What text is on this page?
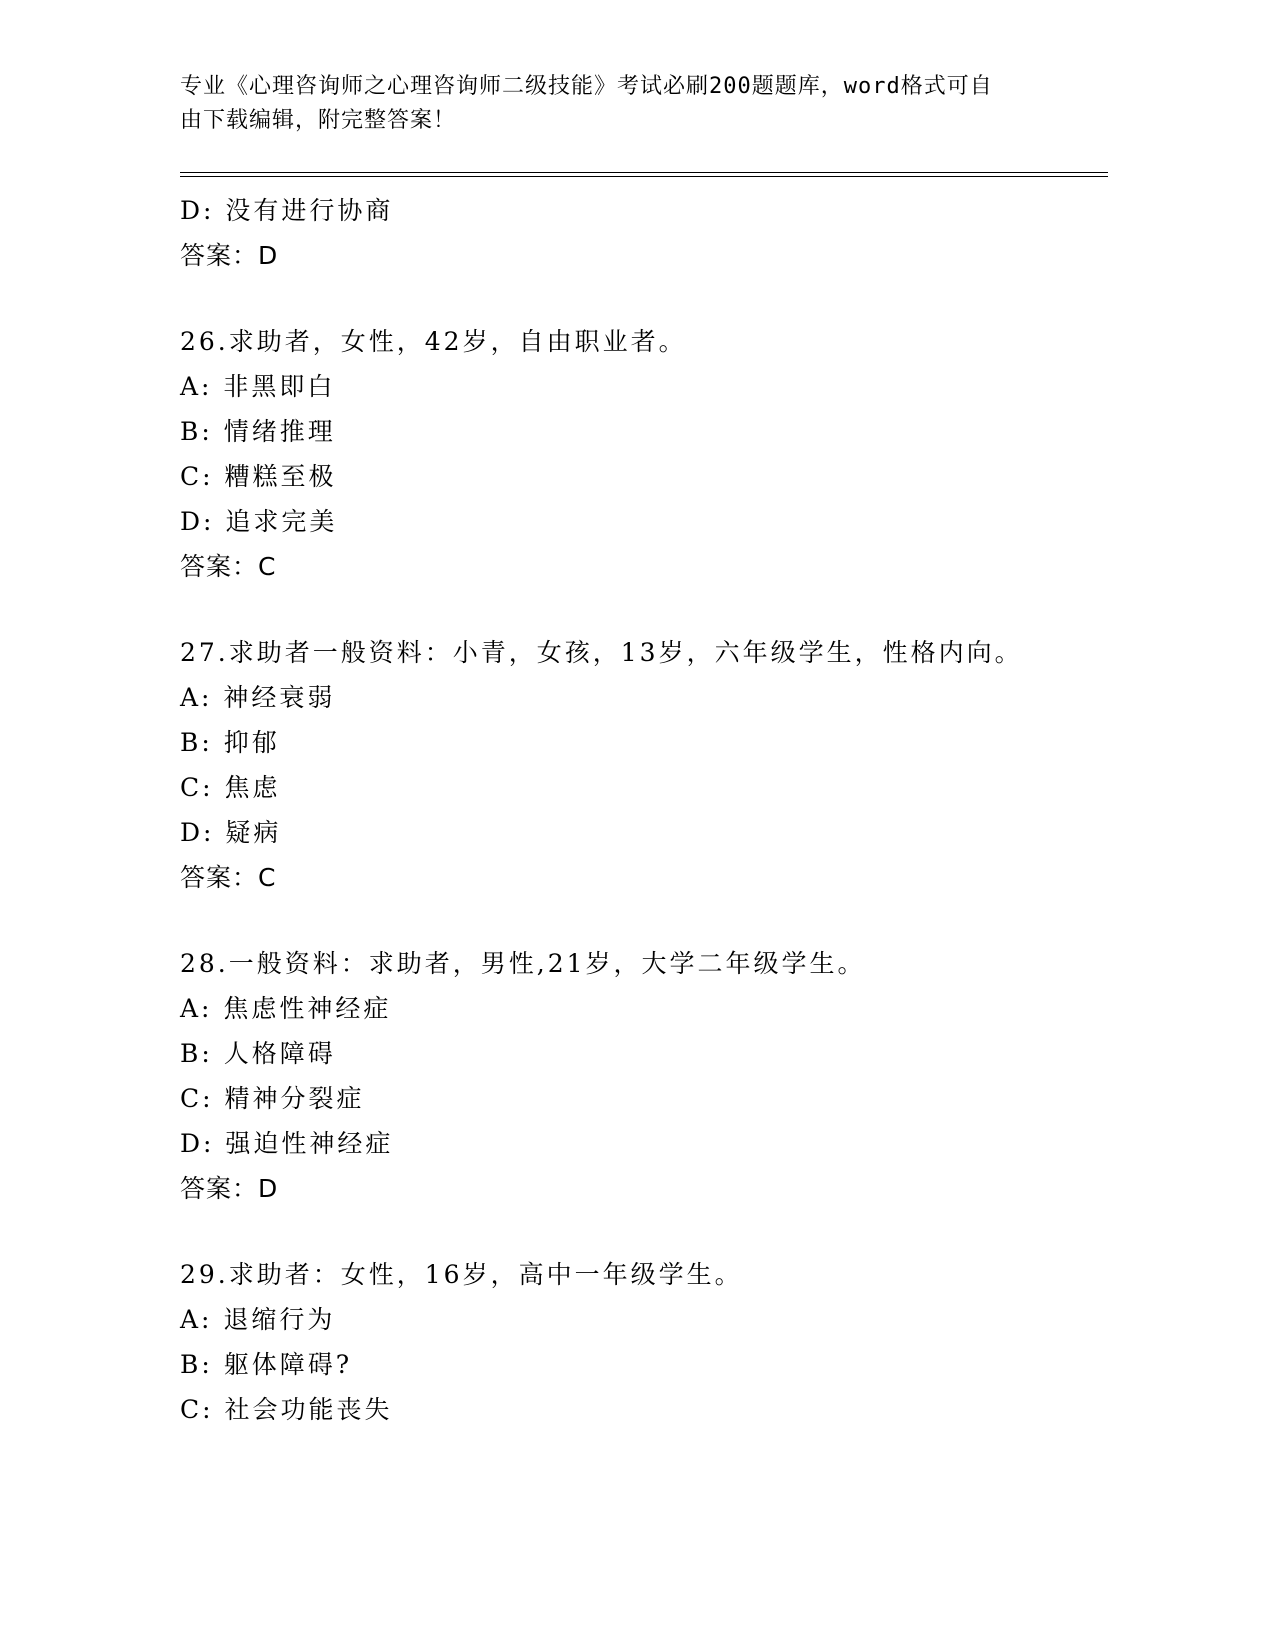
专业《心理咨询师之心理咨询师二级技能》考试必刷200题题库，word格式可自
由下载编辑，附完整答案！
D: 没有进行协商
答案：D
26.求助者，女性，42岁，自由职业者。
A: 非黑即白
B: 情绪推理
C: 糟糕至极
D: 追求完美
答案：C
27.求助者一般资料：小青，女孩，13岁，六年级学生，性格内向。
A: 神经衰弱
B: 抑郁
C: 焦虑
D: 疑病
答案：C
28.一般资料：求助者，男性,21岁，大学二年级学生。
A: 焦虑性神经症
B: 人格障碍
C: 精神分裂症
D: 强迫性神经症
答案：D
29.求助者：女性，16岁，高中一年级学生。
A: 退缩行为
B: 躯体障碍?
C: 社会功能丧失
